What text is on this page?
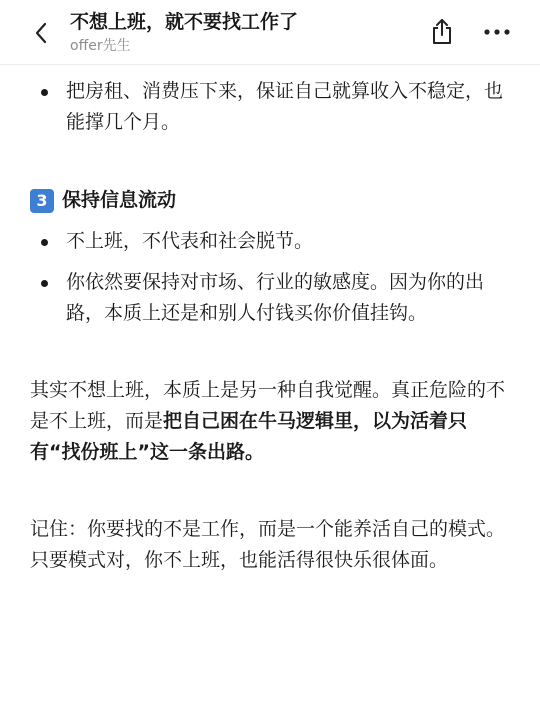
不想上班，就不要找工作了
offer先生
把房租、消费压下来，保证自己就算收入不稳定，也能撑几个月。
3 保持信息流动
不上班，不代表和社会脱节。
你依然要保持对市场、行业的敏感度。因为你的出路，本质上还是和别人付钱买你价值挂钩。
其实不想上班，本质上是另一种自我觉醒。真正危险的不是不上班，而是把自己困在牛马逻辑里，以为活着只有“找份班上”这一条出路。
记住：你要找的不是工作，而是一个能养活自己的模式。只要模式对，你不上班，也能活得很快乐很体面。
